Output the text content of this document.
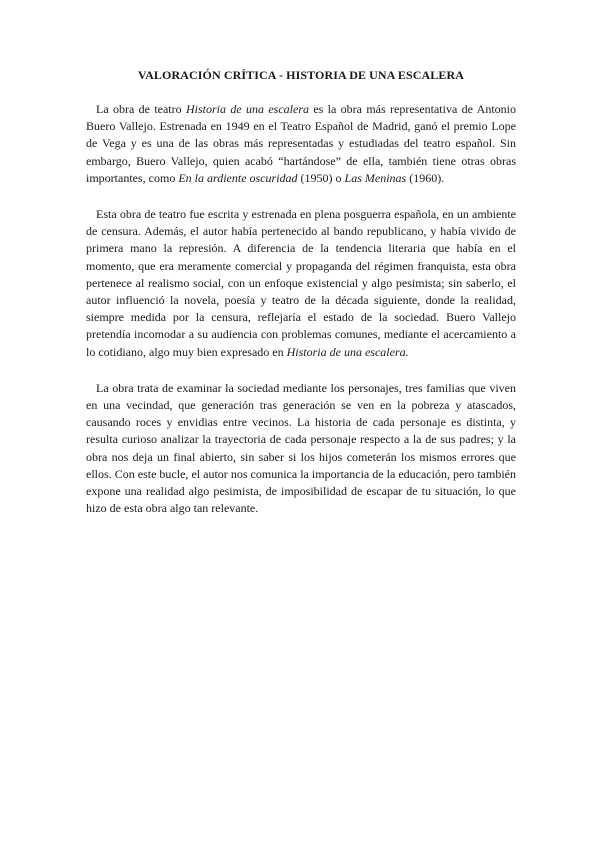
VALORACIÓN CRÍTICA - HISTORIA DE UNA ESCALERA

La obra de teatro Historia de una escalera es la obra más representativa de Antonio Buero Vallejo. Estrenada en 1949 en el Teatro Español de Madrid, ganó el premio Lope de Vega y es una de las obras más representadas y estudiadas del teatro español. Sin embargo, Buero Vallejo, quien acabó “hartándose” de ella, también tiene otras obras importantes, como En la ardiente oscuridad (1950) o Las Meninas (1960).

Esta obra de teatro fue escrita y estrenada en plena posguerra española, en un ambiente de censura. Además, el autor había pertenecido al bando republicano, y había vivido de primera mano la represión. A diferencia de la tendencia literaria que había en el momento, que era meramente comercial y propaganda del régimen franquista, esta obra pertenece al realismo social, con un enfoque existencial y algo pesimista; sin saberlo, el autor influenció la novela, poesía y teatro de la década siguiente, donde la realidad, siempre medida por la censura, reflejaría el estado de la sociedad. Buero Vallejo pretendía incomodar a su audiencia con problemas comunes, mediante el acercamiento a lo cotidiano, algo muy bien expresado en Historia de una escalera.

La obra trata de examinar la sociedad mediante los personajes, tres familias que viven en una vecindad, que generación tras generación se ven en la pobreza y atascados, causando roces y envidias entre vecinos. La historia de cada personaje es distinta, y resulta curioso analizar la trayectoria de cada personaje respecto a la de sus padres; y la obra nos deja un final abierto, sin saber si los hijos cometerán los mismos errores que ellos. Con este bucle, el autor nos comunica la importancia de la educación, pero también expone una realidad algo pesimista, de imposibilidad de escapar de tu situación, lo que hizo de esta obra algo tan relevante.
